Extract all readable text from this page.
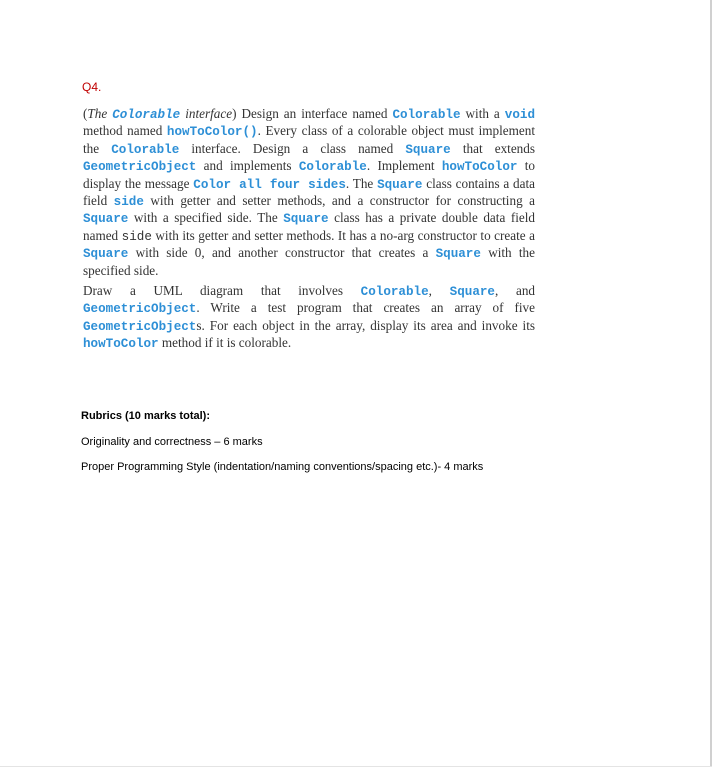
Q4.

(The Colorable interface) Design an interface named Colorable with a void method named howToColor(). Every class of a colorable object must implement the Colorable interface. Design a class named Square that extends GeometricObject and implements Colorable. Implement howToColor to display the message Color all four sides. The Square class contains a data field side with getter and setter methods, and a constructor for constructing a Square with a specified side. The Square class has a private double data field named side with its getter and setter methods. It has a no-arg constructor to create a Square with side 0, and another constructor that creates a Square with the specified side.

Draw a UML diagram that involves Colorable, Square, and GeometricObject. Write a test program that creates an array of five GeometricObjects. For each object in the array, display its area and invoke its howToColor method if it is colorable.

Rubrics (10 marks total):

Originality and correctness – 6 marks

Proper Programming Style (indentation/naming conventions/spacing etc.)- 4 marks
